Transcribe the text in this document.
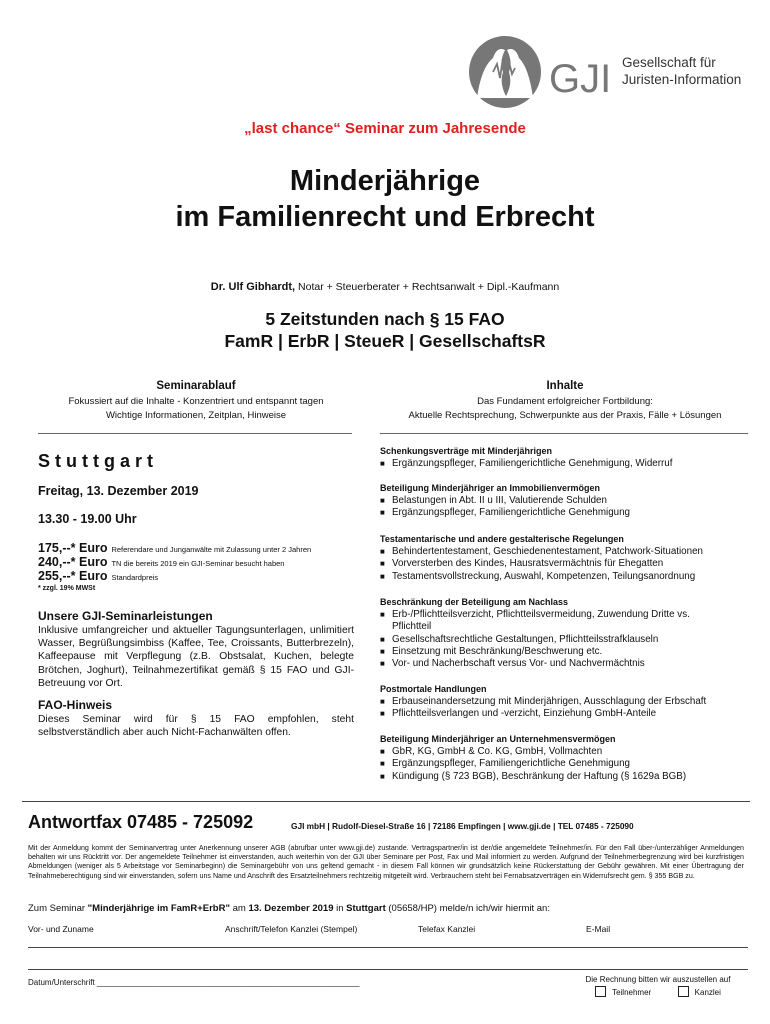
GJI Gesellschaft für
Juristen-Information
„last chance“ Seminar zum Jahresende
Minderjährige
im Familienrecht und Erbrecht
Dr. Ulf Gibhardt, Notar + Steuerberater + Rechtsanwalt + Dipl.-Kaufmann
5 Zeitstunden nach § 15 FAO
FamR | ErbR | SteueR | GesellschaftsR
Seminarablauf
Fokussiert auf die Inhalte - Konzentriert und entspannt tagen
Wichtige Informationen, Zeitplan, Hinweise
Inhalte
Das Fundament erfolgreicher Fortbildung:
Aktuelle Rechtsprechung, Schwerpunkte aus der Praxis, Fälle + Lösungen
Stuttgart
Freitag, 13. Dezember 2019
13.30 - 19.00 Uhr
175,--* Euro Referendare und Junganwälte mit Zulassung unter 2 Jahren
240,--* Euro TN die bereits 2019 ein GJI-Seminar besucht haben
255,--* Euro Standardpreis
* zzgl. 19% MWSt
Unsere GJI-Seminarleistungen
Inklusive umfangreicher und aktueller Tagungsunterlagen, unlimitiert Wasser, Begrüßungsimbiss (Kaffee, Tee, Croissants, Butterbrezeln), Kaffeepause mit Verpflegung (z.B. Obstsalat, Kuchen, belegte Brötchen, Joghurt), Teilnahmezertifikat gemäß § 15 FAO und GJI-Betreuung vor Ort.
FAO-Hinweis
Dieses Seminar wird für § 15 FAO empfohlen, steht selbstverständlich aber auch Nicht-Fachanwälten offen.
Schenkungsverträge mit Minderjährigen
■ Ergänzungspfleger, Familiengerichtliche Genehmigung, Widerruf
Beteiligung Minderjähriger an Immobilienvermögen
■ Belastungen in Abt. II u III, Valutierende Schulden
■ Ergänzungspfleger, Familiengerichtliche Genehmigung
Testamentarische und andere gestalterische Regelungen
■ Behindertentestament, Geschiedenentestament, Patchwork-Situationen
■ Vorversterben des Kindes, Hausratsvermächtnis für Ehegatten
■ Testamentsvollstreckung, Auswahl, Kompetenzen, Teilungsanordnung
Beschränkung der Beteiligung am Nachlass
■ Erb-/Pflichtteilsverzicht, Pflichtteilsvermeidung, Zuwendung Dritte vs. Pflichtteil
■ Gesellschaftsrechtliche Gestaltungen, Pflichtteilsstrafklauseln
■ Einsetzung mit Beschränkung/Beschwerung etc.
■ Vor- und Nacherbschaft versus Vor- und Nachvermächtnis
Postmortale Handlungen
■ Erbauseinandersetzung mit Minderjährigen, Ausschlagung der Erbschaft
■ Pflichtteilsverlangen und -verzicht, Einziehung GmbH-Anteile
Beteiligung Minderjähriger an Unternehmensvermögen
■ GbR, KG, GmbH & Co. KG, GmbH, Vollmachten
■ Ergänzungspfleger, Familiengerichtliche Genehmigung
■ Kündigung (§ 723 BGB), Beschränkung der Haftung (§ 1629a BGB)
Antwortfax 07485 - 725092	GJI mbH | Rudolf-Diesel-Straße 16 | 72186 Empfingen | www.gji.de | TEL 07485 - 725090
Mit der Anmeldung kommt der Seminarvertrag unter Anerkennung unserer AGB (abrufbar unter www.gji.de) zustande. Vertragspartner/in ist der/die angemeldete Teilnehmer/in. Für den Fall über-/unterzähliger Anmeldungen behalten wir uns Rücktritt vor. Der angemeldete Teilnehmer ist einverstanden, auch weiterhin von der GJI über Seminare per Post, Fax und Mail informiert zu werden. Aufgrund der Teilnehmerbegrenzung wird bei kurzfristigen Abmeldungen (weniger als 5 Arbeitstage vor Seminarbeginn) die Seminargebühr von uns geltend gemacht - in diesem Fall können wir grundsätzlich keine Rückerstattung der Gebühr gewähren. Mit einer Übertragung der Teilnahmeberechtigung sind wir einverstanden, sofern uns Name und Anschrift des Ersatzteilnehmers rechtzeitig mitgeteilt wird. Verbrauchern steht bei Fernabsatzverträgen ein Widerrufsrecht gem. § 355 BGB zu.
Zum Seminar "Minderjährige im FamR+ErbR" am 13. Dezember 2019 in Stuttgart (05658/HP) melde/n ich/wir hiermit an:
Vor- und Zuname	Anschrift/Telefon Kanzlei (Stempel)	Telefax Kanzlei	E-Mail
Datum/Unterschrift ___________________________________________________________	Die Rechnung bitten wir auszustellen auf
Teilnehmer	Kanzlei
